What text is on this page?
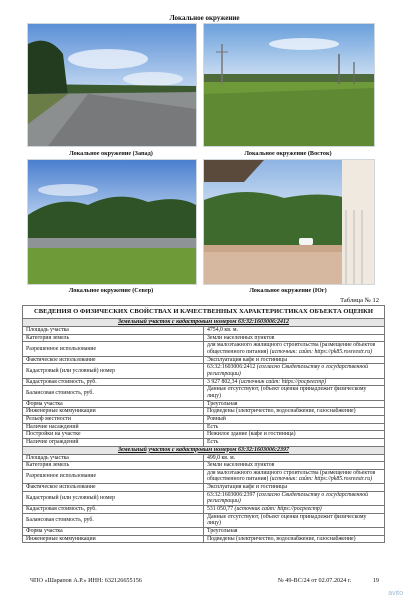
Локальное окружение
Локальное окружение (Запад)	Локальное окружение (Восток)
Локальное окружение (Север)	Локальное окружение (Юг)
Таблица № 12
СВЕДЕНИЯ О ФИЗИЧЕСКИХ СВОЙСТВАХ И КАЧЕСТВЕННЫХ ХАРАКТЕРИСТИКАХ ОБЪЕКТА ОЦЕНКИ	
Земельный участок с кадастровым номером 63:32:1603006:2412	
Площадь участка	4754,0 кв. м.
Категория земель	Земли населенных пунктов
Разрешенное использование	для малоэтажного жилищного строительства (размещение объектов общественного питания) (источник: сайт: https://pk85.rosreestr.ru)
Фактическое использование	Эксплуатация кафе и гостиницы
Кадастровый (или условный) номер	63:32:1603006:2412 (согласно Свидетельству о государственной регистрации)
Кадастровая стоимость, руб.	3 927 802,34 (источник сайт: https://росреестр)
Балансовая стоимость, руб.	Данные отсутствуют, (объект оценки принадлежит физическому лицу)
Форма участка	Треугольная
Инженерные коммуникации	Подведены (электричество, водоснабжение, газоснабжение)
Рельеф местности	Ровный
Наличие насаждений	Есть
Постройки на участке	Нежилое здание (кафе и гостиница)
Наличие ограждений	Есть
Земельный участок с кадастровым номером 63:32:1603006:2397	
Площадь участка	499,0 кв. м.
Категория земель	Земли населенных пунктов
Разрешенное использование	для малоэтажного жилищного строительства (размещение объектов общественного питания) (источник: сайт: https://pk85.rosreestr.ru)
Фактическое использование	Эксплуатация кафе и гостиницы
Кадастровый (или условный) номер	63:32:1603006:2397 (согласно Свидетельству о государственной регистрации)
Кадастровая стоимость, руб.	531 050,77 (источник сайт: https://росреестр)
Балансовая стоимость, руб.	Данные отсутствуют, (объект оценки принадлежит физическому лицу)
Форма участка	Треугольная
Инженерные коммуникации	Подведены (электричество, водоснабжение, газоснабжение)
ЧПО «Шарапов А.Р.» ИНН: 632126655156	№ 49-ВС/24 от 02.07.2024 г.	19
avito
